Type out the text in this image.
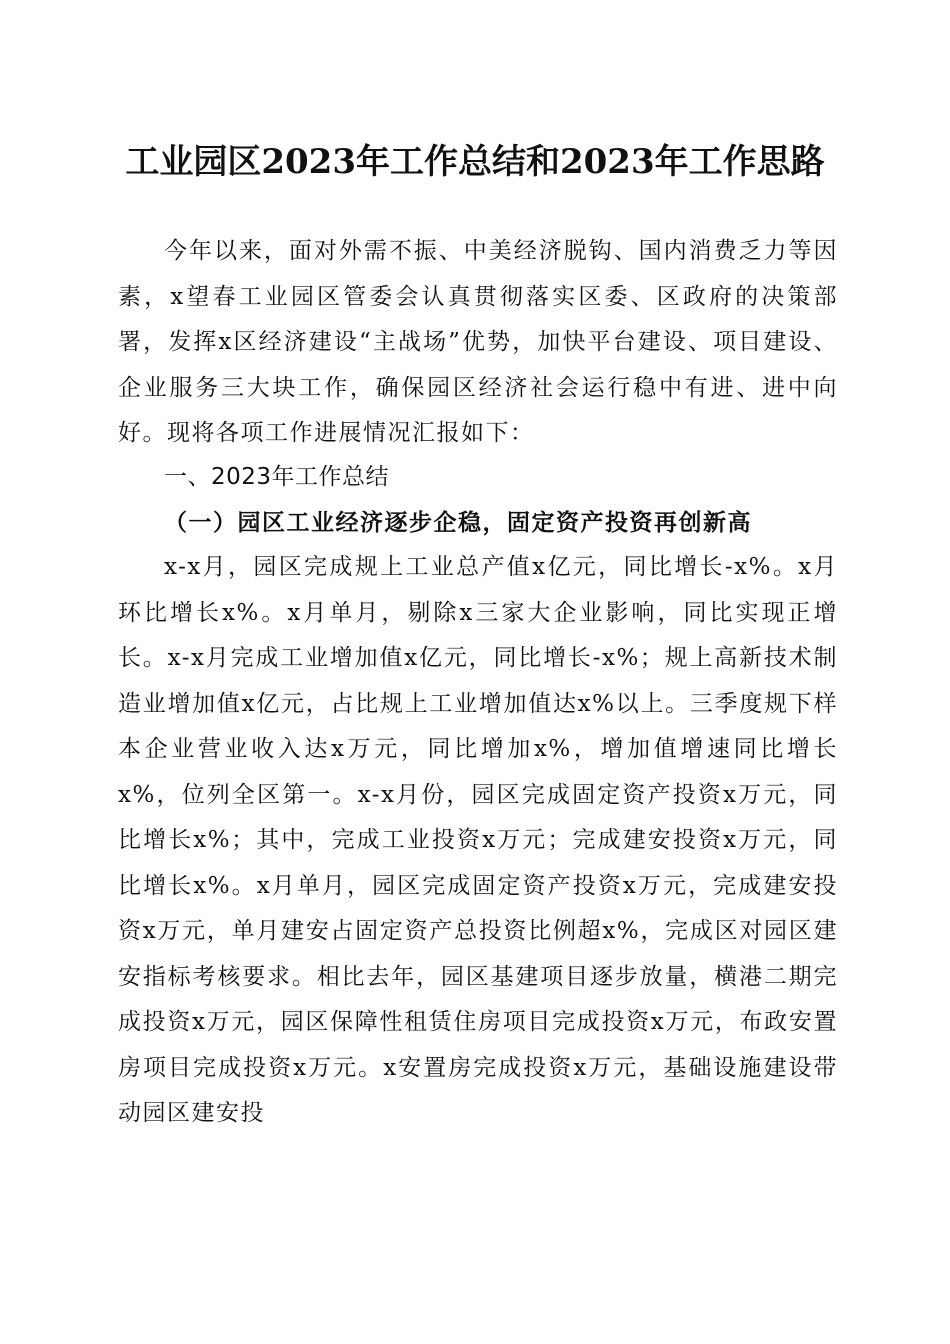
工业园区2023年工作总结和2023年工作思路

今年以来，面对外需不振、中美经济脱钩、国内消费乏力等因素，x望春工业园区管委会认真贯彻落实区委、区政府的决策部署，发挥x区经济建设“主战场”优势，加快平台建设、项目建设、企业服务三大块工作，确保园区经济社会运行稳中有进、进中向好。现将各项工作进展情况汇报如下：

一、2023年工作总结
（一）园区工业经济逐步企稳，固定资产投资再创新高

x-x月，园区完成规上工业总产值x亿元，同比增长-x%。x月环比增长x%。x月单月，剔除x三家大企业影响，同比实现正增长。x-x月完成工业增加值x亿元，同比增长-x%；规上高新技术制造业增加值x亿元，占比规上工业增加值达x%以上。三季度规下样本企业营业收入达x万元，同比增加x%，增加值增速同比增长x%，位列全区第一。x-x月份，园区完成固定资产投资x万元，同比增长x%；其中，完成工业投资x万元；完成建安投资x万元，同比增长x%。x月单月，园区完成固定资产投资x万元，完成建安投资x万元，单月建安占固定资产总投资比例超x%，完成区对园区建安指标考核要求。相比去年，园区基建项目逐步放量，横港二期完成投资x万元，园区保障性租赁住房项目完成投资x万元，布政安置房项目完成投资x万元。x安置房完成投资x万元，基础设施建设带动园区建安投
